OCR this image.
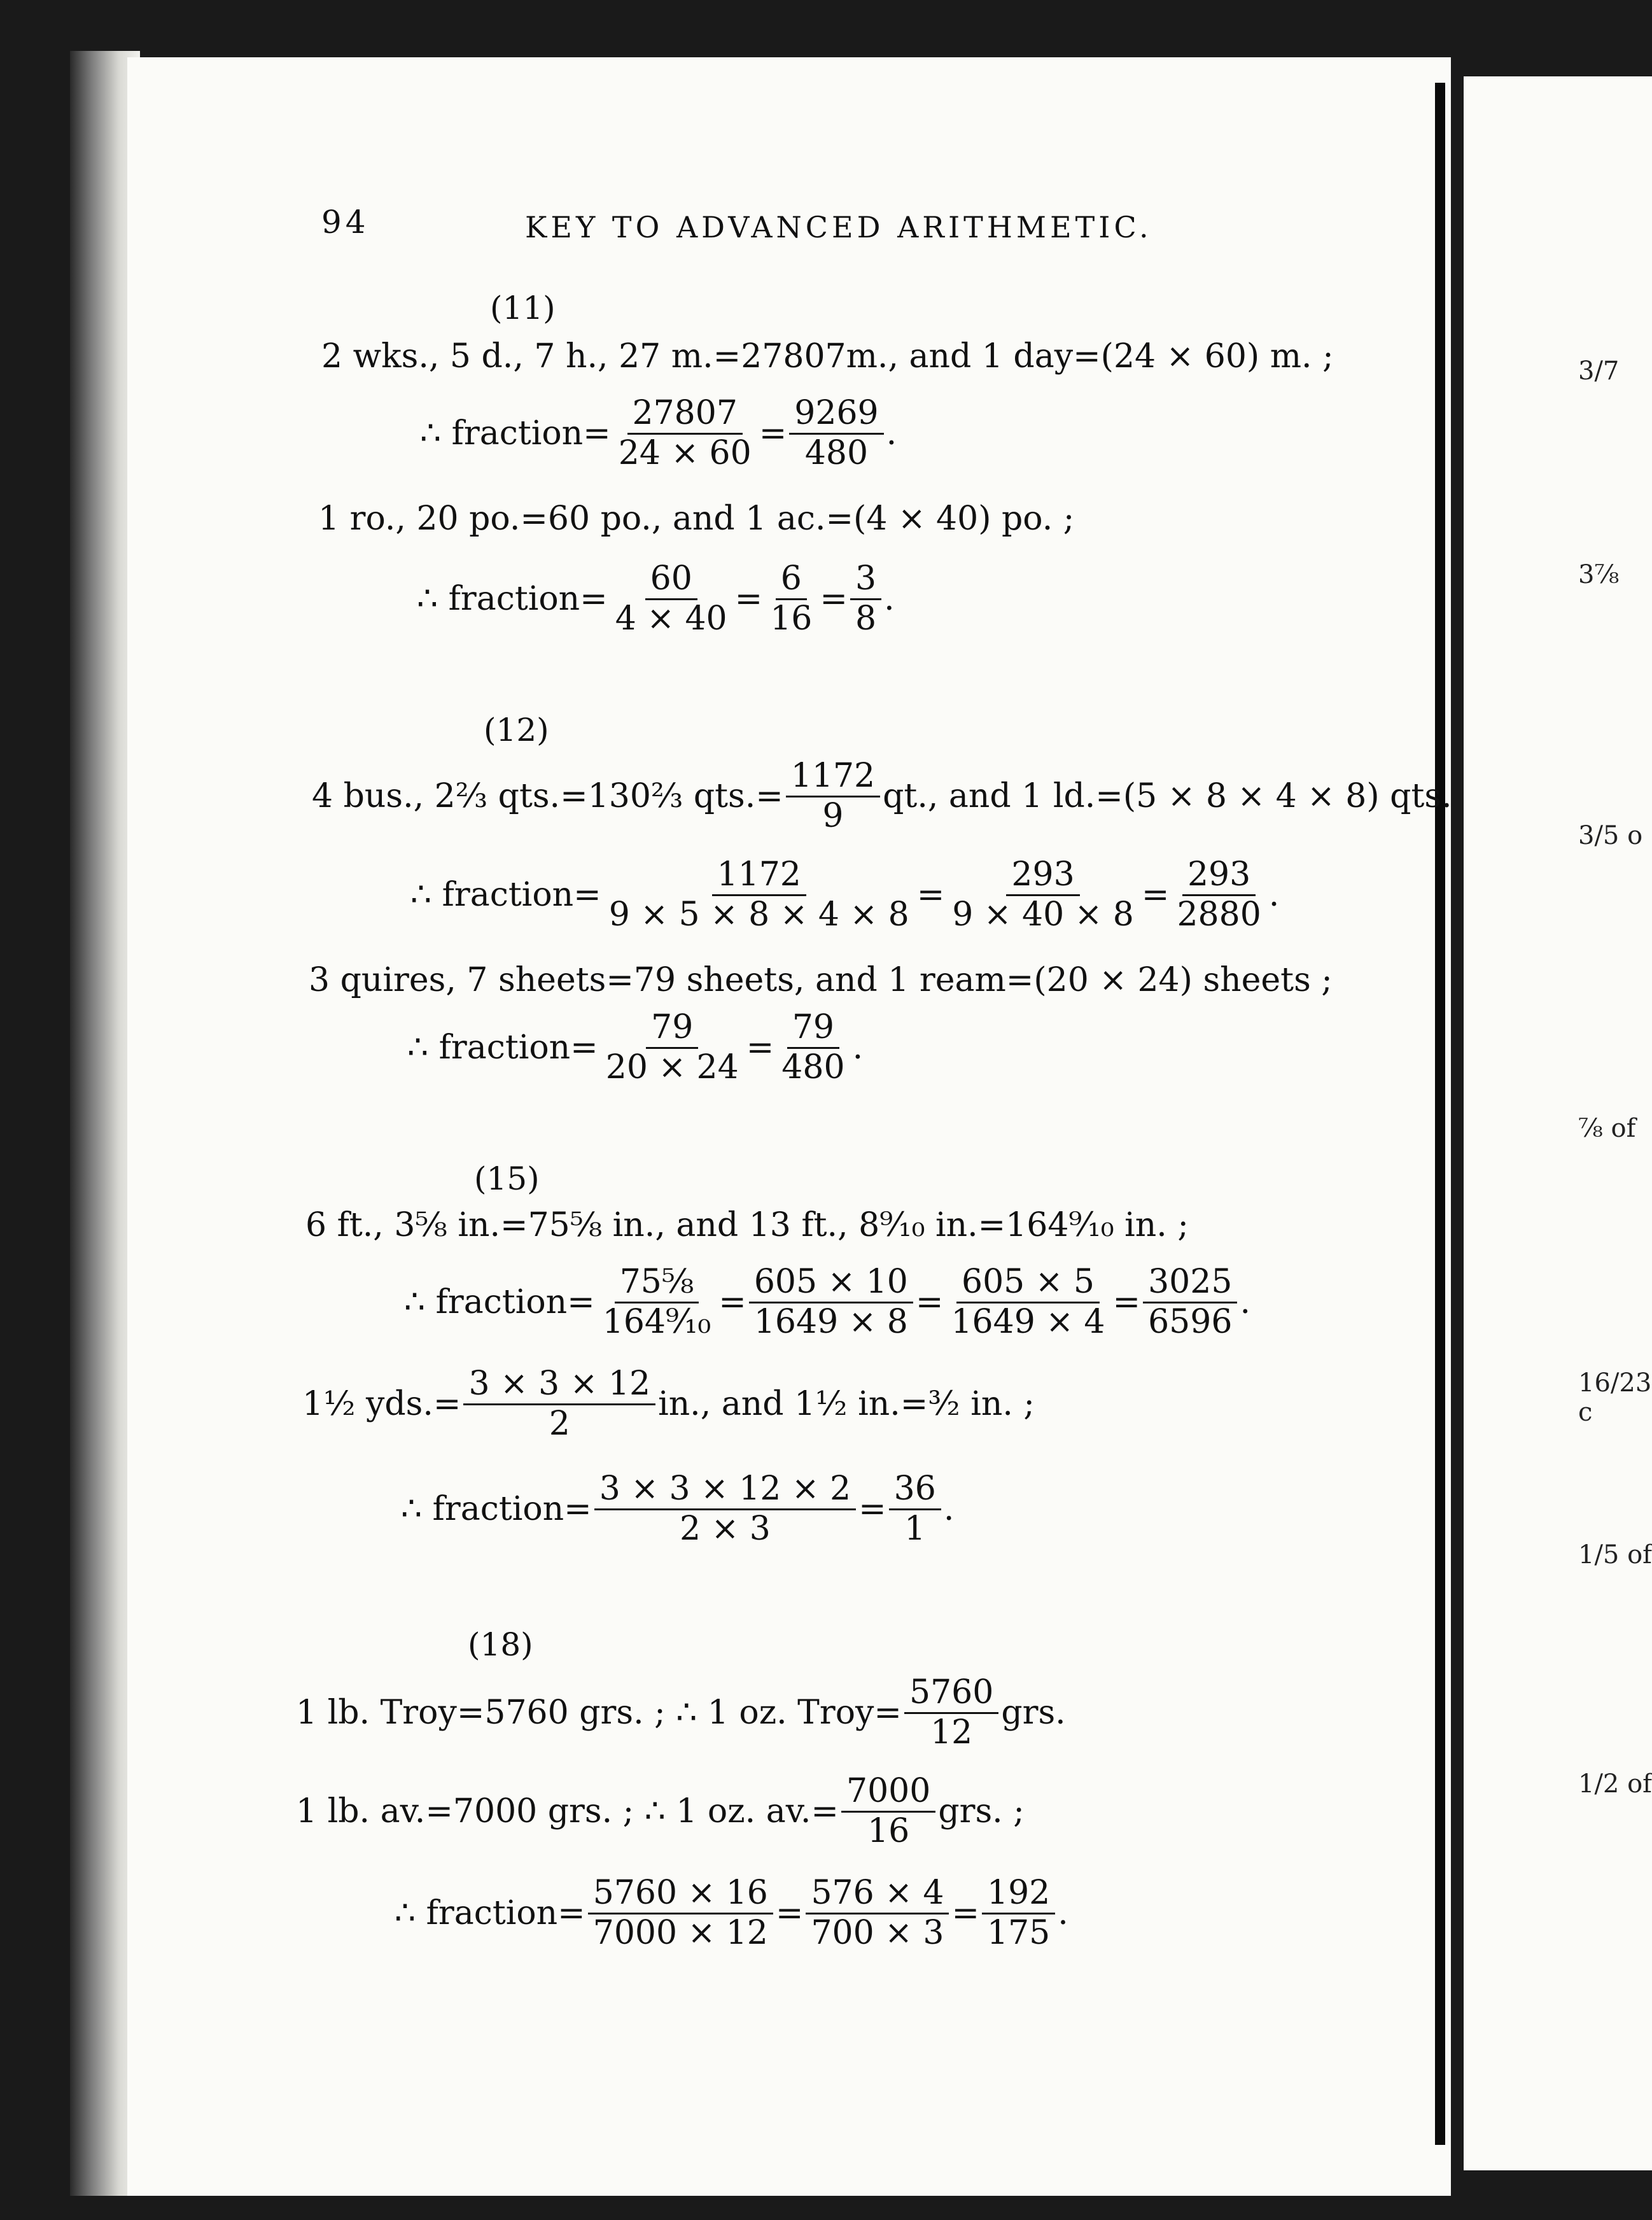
3/7
3⅞
3/5 o
⅞ of
16/23 c
1/5 of
1/2 of
94	KEY TO ADVANCED ARITHMETIC.
(11)
2 wks., 5 d., 7 h., 27 m.=27807m., and 1 day=(24 × 60) m. ;
∴ fraction= $\frac{27807}{24 \times 60} = \frac{9269}{480}$ .
1 ro., 20 po.=60 po., and 1 ac.=(4 × 40) po. ;
∴ fraction= $\frac{60}{4 \times 40} = \frac{6}{16} = \frac{3}{8}$ .
(12)
4 bus., 2⅔ qts.=130⅔ $qts.= \frac{1172}{9}$ qt., and 1 ld.=(5 × 8 × 4 × 8) qts.
∴ fraction= $\frac{1172}{9 \times 5 \times 8 \times 4 \times 8} = \frac{293}{9 \times 40 \times 8} = \frac{293}{2880}$ .
3 quires, 7 sheets=79 sheets, and 1 ream=(20 × 24) sheets ;
∴ fraction= $\frac{79}{20 \times 24} = \frac{79}{480}$ .
(15)
6 ft., 3⅝ in.=75⅝ in., and 13 ft., 8⁹⁄₁₀ in.=164⁹⁄₁₀ in. ;
∴ fraction= $\frac{\text{75⅝}}{\text{164⁹⁄₁₀}} = \frac{605 \times 10}{1649 \times 8} = \frac{605 \times 5}{1649 \times 4} = \frac{3025}{6596}$ .
1½ $yds.= \frac{3 \times 3 \times 12}{2}$ in., and 1½ in.=³⁄₂ in. ;
∴ fraction= $\frac{3 \times 3 \times 12 \times 2}{2 \times 3} = \frac{36}{1}$ .
(18)
1 lb. Troy=5760 grs. ; ∴ 1 oz. Troy= $\frac{5760}{12}$ grs.
1 lb. av.=7000 grs. ; ∴ 1 oz. $av.= \frac{7000}{16}$ grs. ;
∴ fraction= $\frac{5760 \times 16}{7000 \times 12} = \frac{576 \times 4}{700 \times 3} = \frac{192}{175}$ .
